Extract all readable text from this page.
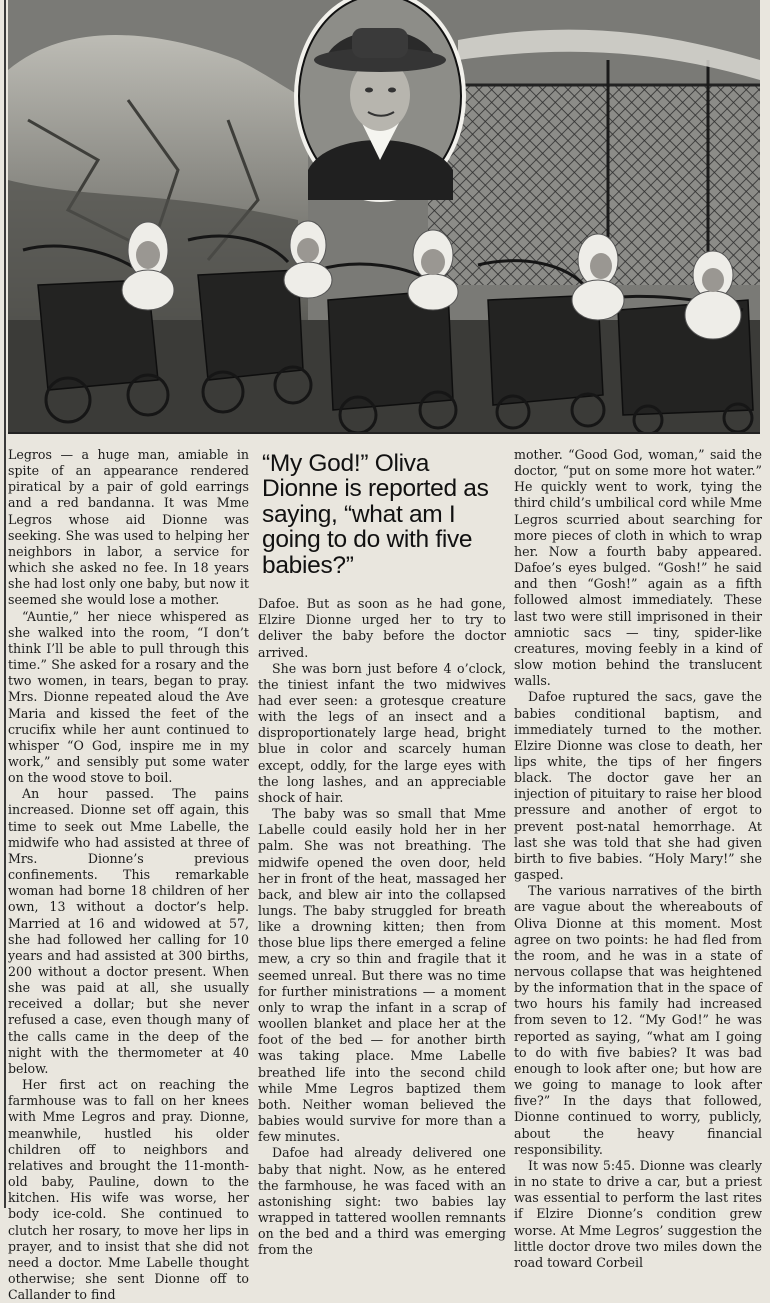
Legros — a huge man, amiable in spite of an appearance rendered piratical by a pair of gold earrings and a red bandanna. It was Mme Legros whose aid Dionne was seeking. She was used to helping her neighbors in labor, a service for which she asked no fee. In 18 years she had lost only one baby, but now it seemed she would lose a mother.

“Auntie,” her niece whispered as she walked into the room, “I don’t think I’ll be able to pull through this time.” She asked for a rosary and the two women, in tears, began to pray. Mrs. Dionne repeated aloud the Ave Maria and kissed the feet of the crucifix while her aunt continued to whisper “O God, inspire me in my work,” and sensibly put some water on the wood stove to boil.

An hour passed. The pains increased. Dionne set off again, this time to seek out Mme Labelle, the midwife who had assisted at three of Mrs. Dionne’s previous confinements. This remarkable woman had borne 18 children of her own, 13 without a doctor’s help. Married at 16 and widowed at 57, she had followed her calling for 10 years and had assisted at 300 births, 200 without a doctor present. When she was paid at all, she usually received a dollar; but she never refused a case, even though many of the calls came in the deep of the night with the thermometer at 40 below.

Her first act on reaching the farmhouse was to fall on her knees with Mme Legros and pray. Dionne, meanwhile, hustled his older children off to neighbors and relatives and brought the 11-month-old baby, Pauline, down to the kitchen. His wife was worse, her body ice-cold. She continued to clutch her rosary, to move her lips in prayer, and to insist that she did not need a doctor. Mme Labelle thought otherwise; she sent Dionne off to Callander to find

“My God!” Oliva Dionne is reported as saying, “what am I going to do with five babies?”

Dafoe. But as soon as he had gone, Elzire Dionne urged her to try to deliver the baby before the doctor arrived.

She was born just before 4 o’clock, the tiniest infant the two midwives had ever seen: a grotesque creature with the legs of an insect and a disproportionately large head, bright blue in color and scarcely human except, oddly, for the large eyes with the long lashes, and an appreciable shock of hair.

The baby was so small that Mme Labelle could easily hold her in her palm. She was not breathing. The midwife opened the oven door, held her in front of the heat, massaged her back, and blew air into the collapsed lungs. The baby struggled for breath like a drowning kitten; then from those blue lips there emerged a feline mew, a cry so thin and fragile that it seemed unreal. But there was no time for further ministrations — a moment only to wrap the infant in a scrap of woollen blanket and place her at the foot of the bed — for another birth was taking place. Mme Labelle breathed life into the second child while Mme Legros baptized them both. Neither woman believed the babies would survive for more than a few minutes.

Dafoe had already delivered one baby that night. Now, as he entered the farmhouse, he was faced with an astonishing sight: two babies lay wrapped in tattered woollen remnants on the bed and a third was emerging from the

mother. “Good God, woman,” said the doctor, “put on some more hot water.” He quickly went to work, tying the third child’s umbilical cord while Mme Legros scurried about searching for more pieces of cloth in which to wrap her. Now a fourth baby appeared. Dafoe’s eyes bulged. “Gosh!” he said and then “Gosh!” again as a fifth followed almost immediately. These last two were still imprisoned in their amniotic sacs — tiny, spider-like creatures, moving feebly in a kind of slow motion behind the translucent walls.

Dafoe ruptured the sacs, gave the babies conditional baptism, and immediately turned to the mother. Elzire Dionne was close to death, her lips white, the tips of her fingers black. The doctor gave her an injection of pituitary to raise her blood pressure and another of ergot to prevent post-natal hemorrhage. At last she was told that she had given birth to five babies. “Holy Mary!” she gasped.

The various narratives of the birth are vague about the whereabouts of Oliva Dionne at this moment. Most agree on two points: he had fled from the room, and he was in a state of nervous collapse that was heightened by the information that in the space of two hours his family had increased from seven to 12. “My God!” he was reported as saying, “what am I going to do with five babies? It was bad enough to look after one; but how are we going to manage to look after five?” In the days that followed, Dionne continued to worry, publicly, about the heavy financial responsibility.

It was now 5:45. Dionne was clearly in no state to drive a car, but a priest was essential to perform the last rites if Elzire Dionne’s condition grew worse. At Mme Legros’ suggestion the little doctor drove two miles down the road toward Corbeil
